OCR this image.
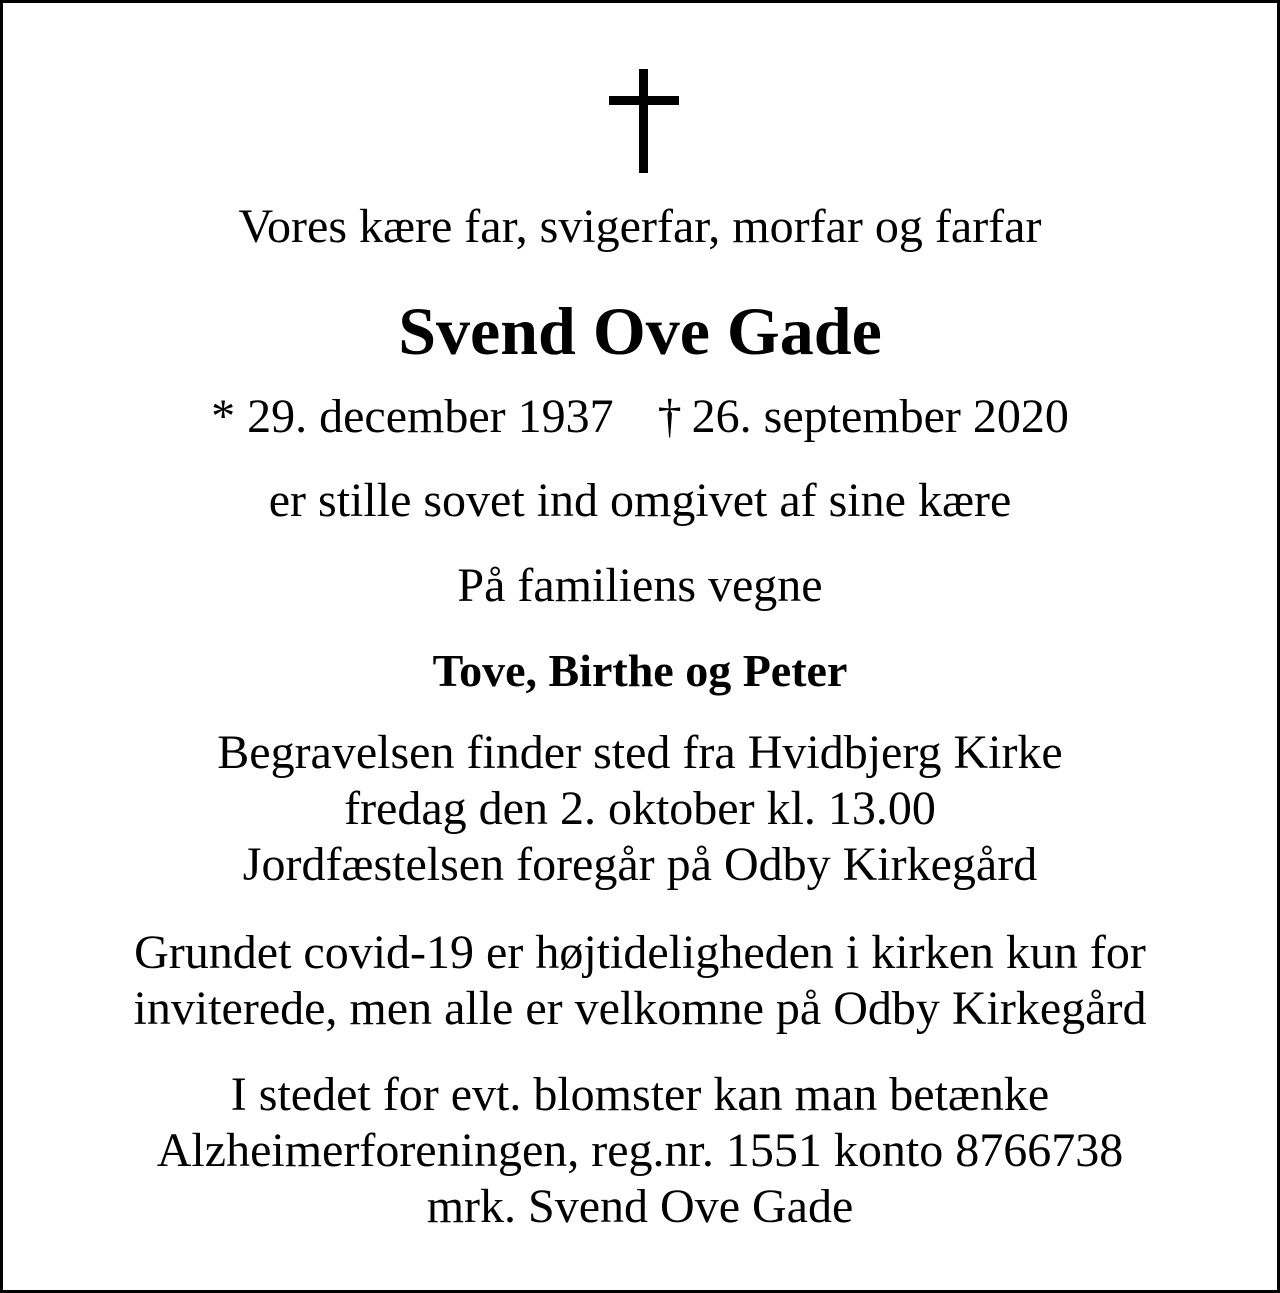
Vores kære far, svigerfar, morfar og farfar
Svend Ove Gade
* 29. december 1937 † 26. september 2020
er stille sovet ind omgivet af sine kære
På familiens vegne
Tove, Birthe og Peter
Begravelsen finder sted fra Hvidbjerg Kirke
fredag den 2. oktober kl. 13.00
Jordfæstelsen foregår på Odby Kirkegård
Grundet covid-19 er højtideligheden i kirken kun for
inviterede, men alle er velkomne på Odby Kirkegård
I stedet for evt. blomster kan man betænke
Alzheimerforeningen, reg.nr. 1551 konto 8766738
mrk. Svend Ove Gade
